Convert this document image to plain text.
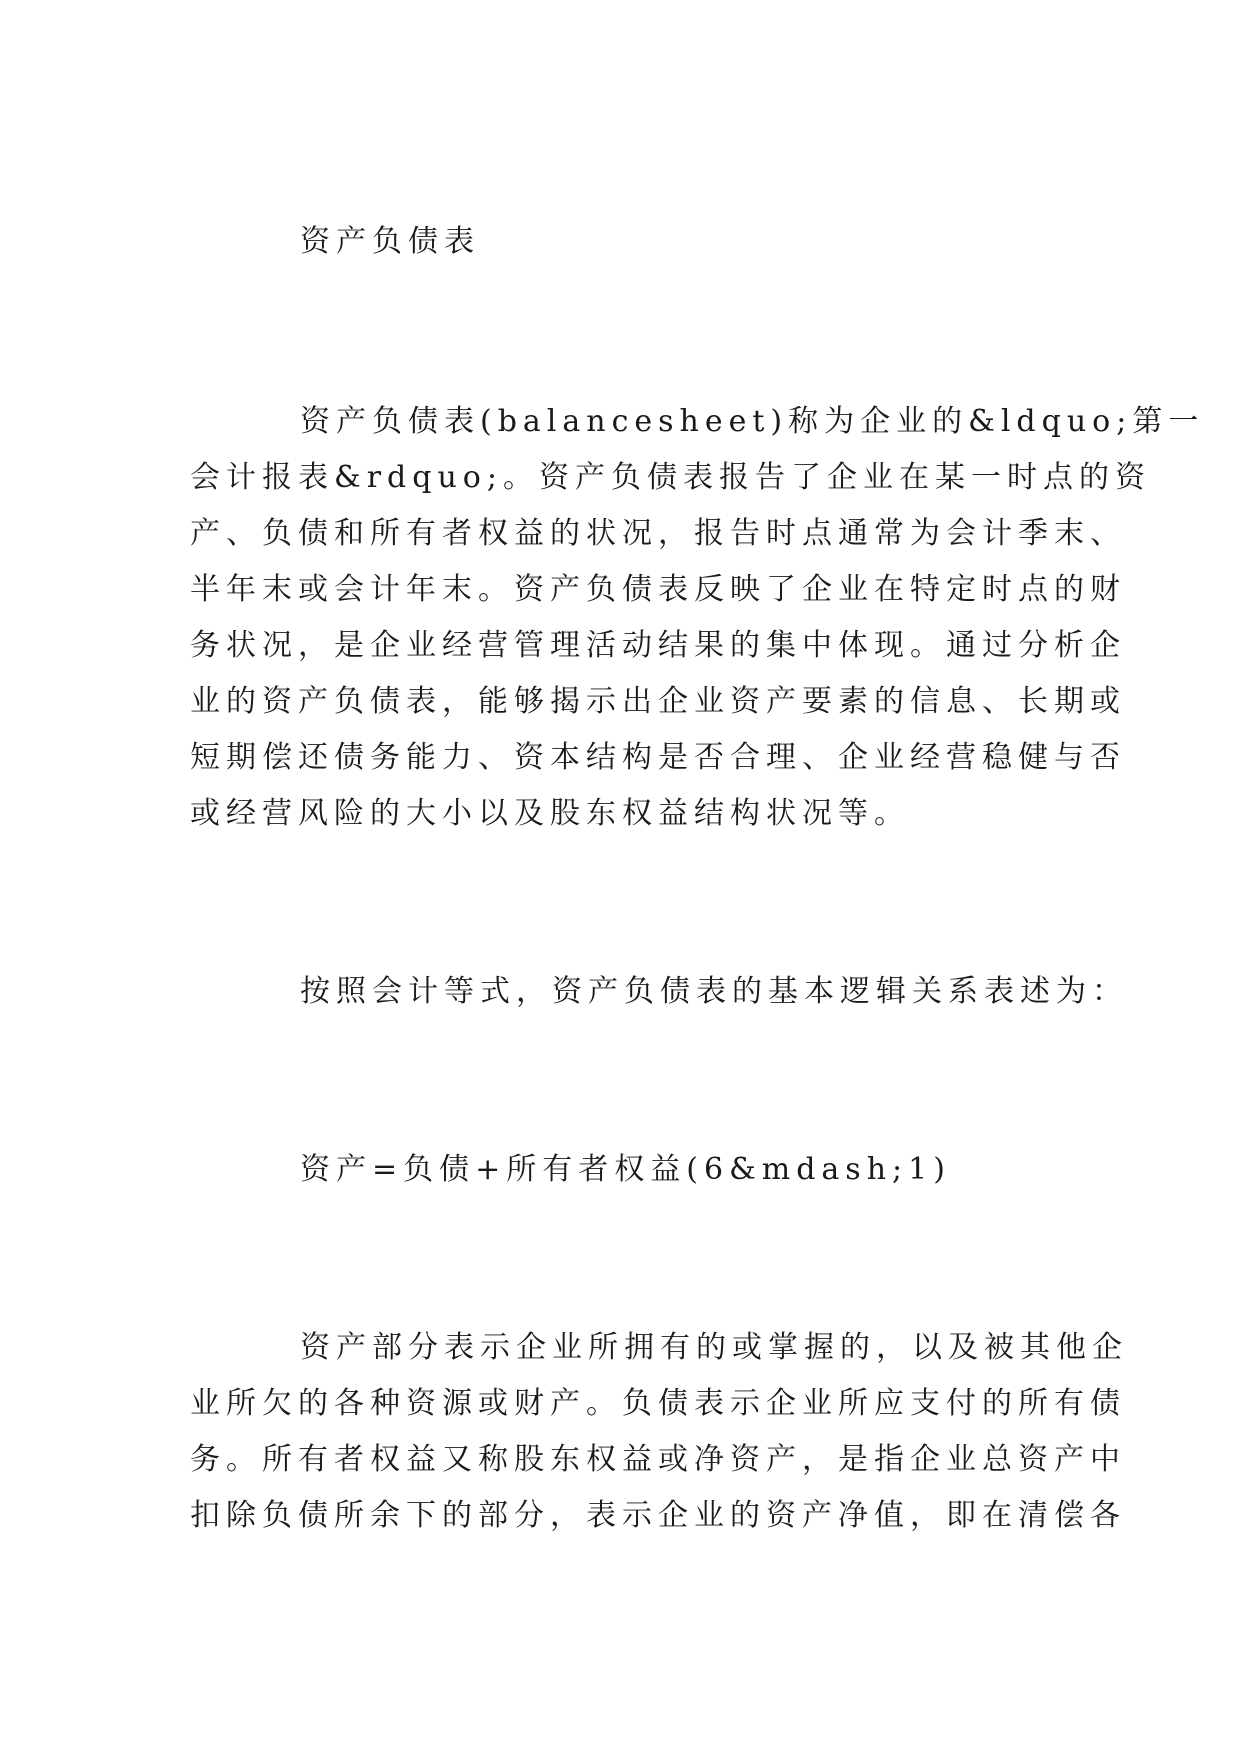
资产负债表

资产负债表(balancesheet)称为企业的&ldquo;第一

会计报表&rdquo;。资产负债表报告了企业在某一时点的资

产、负债和所有者权益的状况，报告时点通常为会计季末、

半年末或会计年末。资产负债表反映了企业在特定时点的财

务状况，是企业经营管理活动结果的集中体现。通过分析企

业的资产负债表，能够揭示出企业资产要素的信息、长期或

短期偿还债务能力、资本结构是否合理、企业经营稳健与否

或经营风险的大小以及股东权益结构状况等。

按照会计等式，资产负债表的基本逻辑关系表述为：

资产=负债+所有者权益(6&mdash;1)

资产部分表示企业所拥有的或掌握的，以及被其他企

业所欠的各种资源或财产。负债表示企业所应支付的所有债

务。所有者权益又称股东权益或净资产，是指企业总资产中

扣除负债所余下的部分，表示企业的资产净值，即在清偿各
